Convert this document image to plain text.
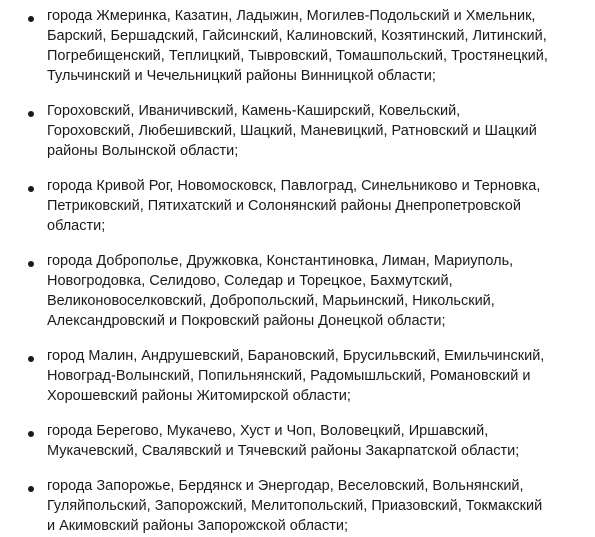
города Жмеринка, Казатин, Ладыжин, Могилев-Подольский и Хмельник,
Барский, Бершадский, Гайсинский, Калиновский, Козятинский, Литинский,
Погребищенский, Теплицкий, Тывровский, Томашпольский, Тростянецкий,
Тульчинский и Чечельницкий районы Винницкой области;
Гороховский, Иваничивский, Камень-Каширский, Ковельский,
Гороховский, Любешивский, Шацкий, Маневицкий, Ратновский и Шацкий
районы Волынской области;
города Кривой Рог, Новомосковск, Павлоград, Синельниково и Терновка,
Петриковский, Пятихатский и Солонянский районы Днепропетровской
области;
города Доброполье, Дружковка, Константиновка, Лиман, Мариуполь,
Новогродовка, Селидово, Соледар и Торецкое, Бахмутский,
Великоновоселковский, Добропольский, Марьинский, Никольский,
Александровский и Покровский районы Донецкой области;
город Малин, Андрушевский, Барановский, Брусильвский, Емильчинский,
Новоград-Волынский, Попильнянский, Радомышльский, Романовский и
Хорошевский районы Житомирской области;
города Берегово, Мукачево, Хуст и Чоп, Воловецкий, Иршавский,
Мукачевский, Свалявский и Тячевский районы Закарпатской области;
города Запорожье, Бердянск и Энергодар, Веселовский, Вольнянский,
Гуляйпольский, Запорожский, Мелитопольский, Приазовский, Токмакский
и Акимовский районы Запорожской области;
